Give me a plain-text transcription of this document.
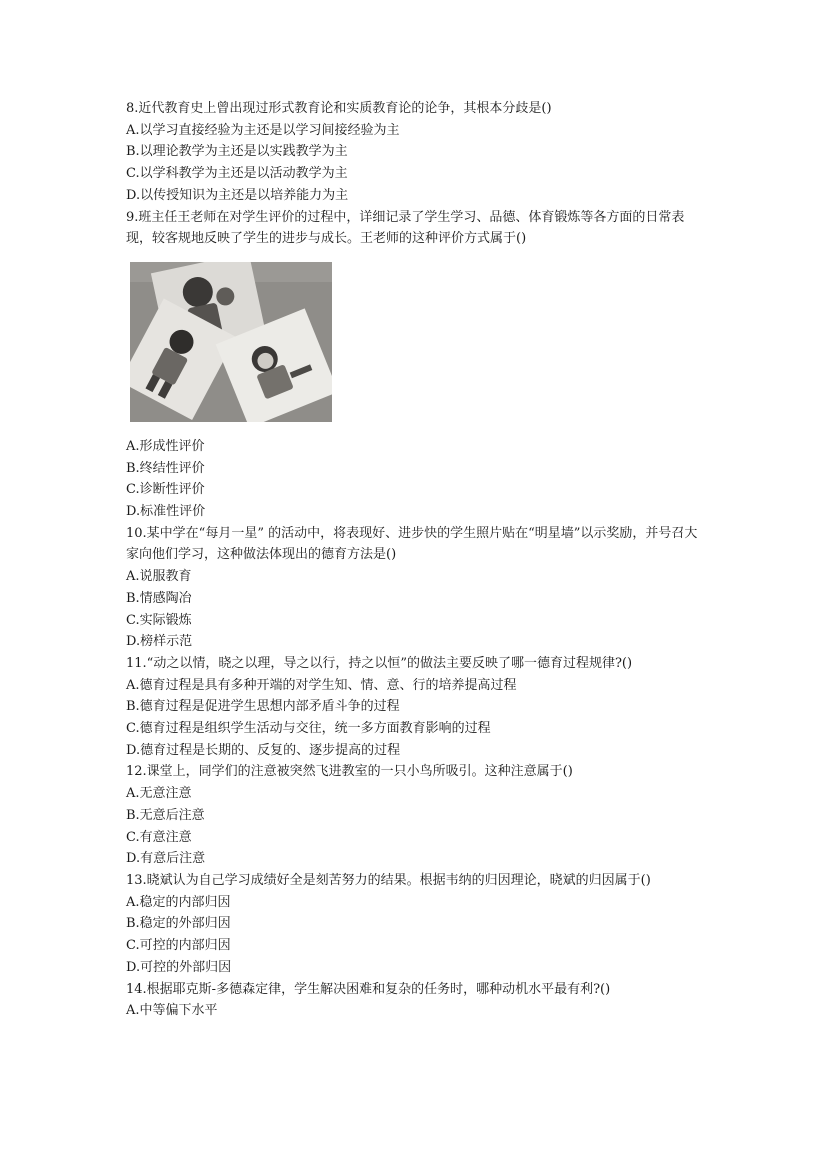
8.近代教育史上曾出现过形式教育论和实质教育论的论争，其根本分歧是()
A.以学习直接经验为主还是以学习间接经验为主
B.以理论教学为主还是以实践教学为主
C.以学科教学为主还是以活动教学为主
D.以传授知识为主还是以培养能力为主
9.班主任王老师在对学生评价的过程中，详细记录了学生学习、品德、体育锻炼等各方面的日常表现，较客规地反映了学生的进步与成长。王老师的这种评价方式属于()
A.形成性评价
B.终结性评价
C.诊断性评价
D.标准性评价
10.某中学在“每月一星” 的活动中，将表现好、进步快的学生照片贴在“明星墙”以示奖励，并号召大家向他们学习，这种做法体现出的德育方法是()
A.说服教育
B.情感陶冶
C.实际锻炼
D.榜样示范
11.“动之以情，晓之以理，导之以行，持之以恒”的做法主要反映了哪一德育过程规律?()
A.德育过程是具有多种开端的对学生知、情、意、行的培养提高过程
B.德育过程是促进学生思想内部矛盾斗争的过程
C.德育过程是组织学生活动与交往，统一多方面教育影响的过程
D.德育过程是长期的、反复的、逐步提高的过程
12.课堂上，同学们的注意被突然飞进教室的一只小鸟所吸引。这种注意属于()
A.无意注意
B.无意后注意
C.有意注意
D.有意后注意
13.晓斌认为自己学习成绩好全是刻苦努力的结果。根据韦纳的归因理论，晓斌的归因属于()
A.稳定的内部归因
B.稳定的外部归因
C.可控的内部归因
D.可控的外部归因
14.根据耶克斯-多德森定律，学生解决困难和复杂的任务时，哪种动机水平最有利?()
A.中等偏下水平
